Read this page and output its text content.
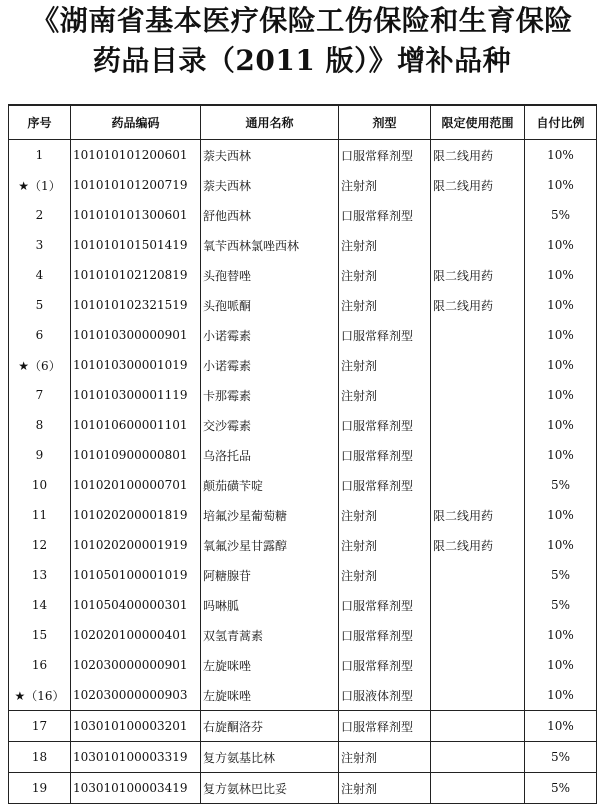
《湖南省基本医疗保险工伤保险和生育保险
药品目录（2011 版）》增补品种
序号	药品编码	通用名称	剂型	限定使用范围	自付比例
1	101010101200601	萘夫西林	口服常释剂型	限二线用药	10%
★（1）	101010101200719	萘夫西林	注射剂	限二线用药	10%
2	101010101300601	舒他西林	口服常释剂型		5%
3	101010101501419	氧苄西林氯唑西林	注射剂		10%
4	101010102120819	头孢替唑	注射剂	限二线用药	10%
5	101010102321519	头孢哌酮	注射剂	限二线用药	10%
6	101010300000901	小诺霉素	口服常释剂型		10%
★（6）	101010300001019	小诺霉素	注射剂		10%
7	101010300001119	卡那霉素	注射剂		10%
8	101010600001101	交沙霉素	口服常释剂型		10%
9	101010900000801	乌洛托品	口服常释剂型		10%
10	101020100000701	颠茄磺苄啶	口服常释剂型		5%
11	101020200001819	培氟沙星葡萄糖	注射剂	限二线用药	10%
12	101020200001919	氧氟沙星甘露醇	注射剂	限二线用药	10%
13	101050100001019	阿糖腺苷	注射剂		5%
14	101050400000301	吗啉胍	口服常释剂型		5%
15	102020100000401	双氢青蒿素	口服常释剂型		10%
16	102030000000901	左旋咪唑	口服常释剂型		10%
★（16）	102030000000903	左旋咪唑	口服液体剂型		10%
17	103010100003201	右旋酮洛芬	口服常释剂型		10%
18	103010100003319	复方氨基比林	注射剂		5%
19	103010100003419	复方氨林巴比妥	注射剂		5%
